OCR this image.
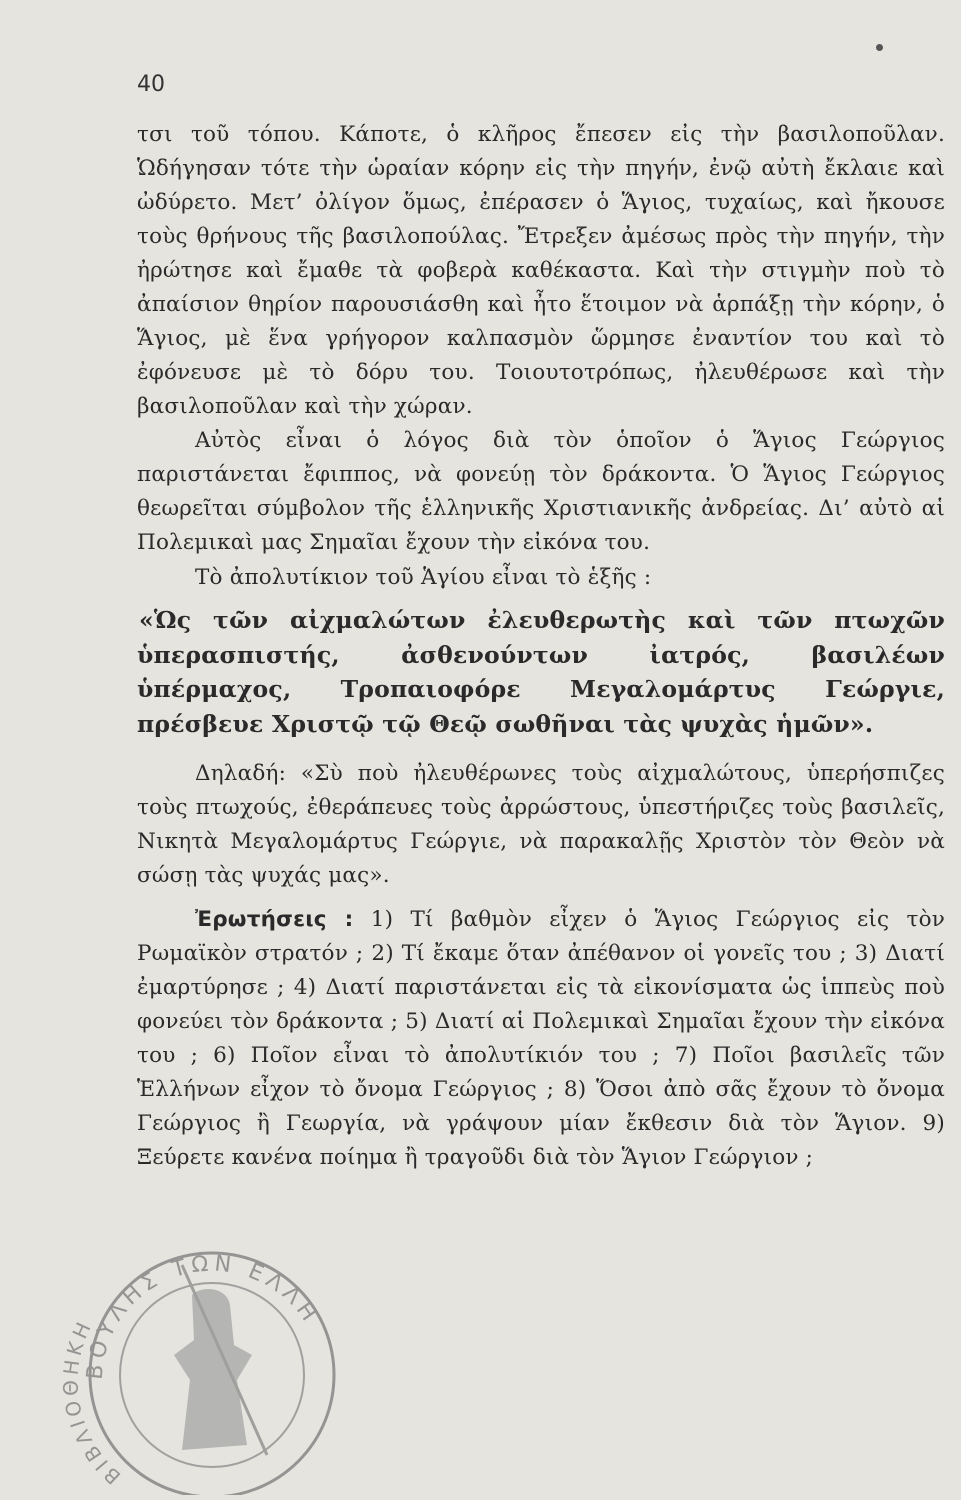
40

τσι τοῦ τόπου. Κάποτε, ὁ κλῆρος ἔπεσεν εἰς τὴν βασιλοποῦλαν. Ὡδήγησαν τότε τὴν ὡραίαν κόρην εἰς τὴν πηγήν, ἐνῷ αὐτὴ ἔκλαιε καὶ ὠδύρετο. Μετ’ ὀλίγον ὅμως, ἐπέρασεν ὁ Ἅγιος, τυχαίως, καὶ ἤκουσε τοὺς θρήνους τῆς βασιλοπούλας. Ἔτρεξεν ἀμέσως πρὸς τὴν πηγήν, τὴν ἠρώτησε καὶ ἔμαθε τὰ φοβερὰ καθέκαστα. Καὶ τὴν στιγμὴν ποὺ τὸ ἀπαίσιον θηρίον παρουσιάσθη καὶ ἦτο ἕτοιμον νὰ ἁρπάξῃ τὴν κόρην, ὁ Ἅγιος, μὲ ἕνα γρήγορον καλπασμὸν ὥρμησε ἐναντίον του καὶ τὸ ἐφόνευσε μὲ τὸ δόρυ του. Τοιουτοτρόπως, ἠλευθέρωσε καὶ τὴν βασιλοποῦλαν καὶ τὴν χώραν.

Αὐτὸς εἶναι ὁ λόγος διὰ τὸν ὁποῖον ὁ Ἅγιος Γεώργιος παριστάνεται ἔφιππος, νὰ φονεύῃ τὸν δράκοντα. Ὁ Ἅγιος Γεώργιος θεωρεῖται σύμβολον τῆς ἑλληνικῆς Χριστιανικῆς ἀνδρείας. Δι’ αὐτὸ αἱ Πολεμικαὶ μας Σημαῖαι ἔχουν τὴν εἰκόνα του.

Τὸ ἀπολυτίκιον τοῦ Ἁγίου εἶναι τὸ ἑξῆς :

«Ὡς τῶν αἰχμαλώτων ἐλευθερωτὴς καὶ τῶν πτωχῶν ὑπερασπιστής, ἀσθενούντων ἰατρός, βασιλέων ὑπέρμαχος, Τροπαιοφόρε Μεγαλομάρτυς Γεώργιε, πρέσβευε Χριστῷ τῷ Θεῷ σωθῆναι τὰς ψυχὰς ἡμῶν».

Δηλαδή: «Σὺ ποὺ ἠλευθέρωνες τοὺς αἰχμαλώτους, ὑπερήσπιζες τοὺς πτωχούς, ἐθεράπευες τοὺς ἀρρώστους, ὑπεστήριζες τοὺς βασιλεῖς, Νικητὰ Μεγαλομάρτυς Γεώργιε, νὰ παρακαλῇς Χριστὸν τὸν Θεὸν νὰ σώσῃ τὰς ψυχάς μας».

Ἐρωτήσεις : 1) Τί βαθμὸν εἶχεν ὁ Ἅγιος Γεώργιος εἰς τὸν Ρωμαϊκὸν στρατόν ; 2) Τί ἔκαμε ὅταν ἀπέθανον οἱ γονεῖς του ; 3) Διατί ἐμαρτύρησε ; 4) Διατί παριστάνεται εἰς τὰ εἰκονίσματα ὡς ἱππεὺς ποὺ φονεύει τὸν δράκοντα ; 5) Διατί αἱ Πολεμικαὶ Σημαῖαι ἔχουν τὴν εἰκόνα του ; 6) Ποῖον εἶναι τὸ ἀπολυτίκιόν του ; 7) Ποῖοι βασιλεῖς τῶν Ἑλλήνων εἶχον τὸ ὄνομα Γεώργιος ; 8) Ὅσοι ἀπὸ σᾶς ἔχουν τὸ ὄνομα Γεώργιος ἢ Γεωργία, νὰ γράψουν μίαν ἔκθεσιν διὰ τὸν Ἅγιον. 9) Ξεύρετε κανένα ποίημα ἢ τραγοῦδι διὰ τὸν Ἅγιον Γεώργιον ;

ΒΟΥΛΗΣ ΤΩΝ ΕΛΛΗ
ΒΙΒΛΙΟ ΚΗ
